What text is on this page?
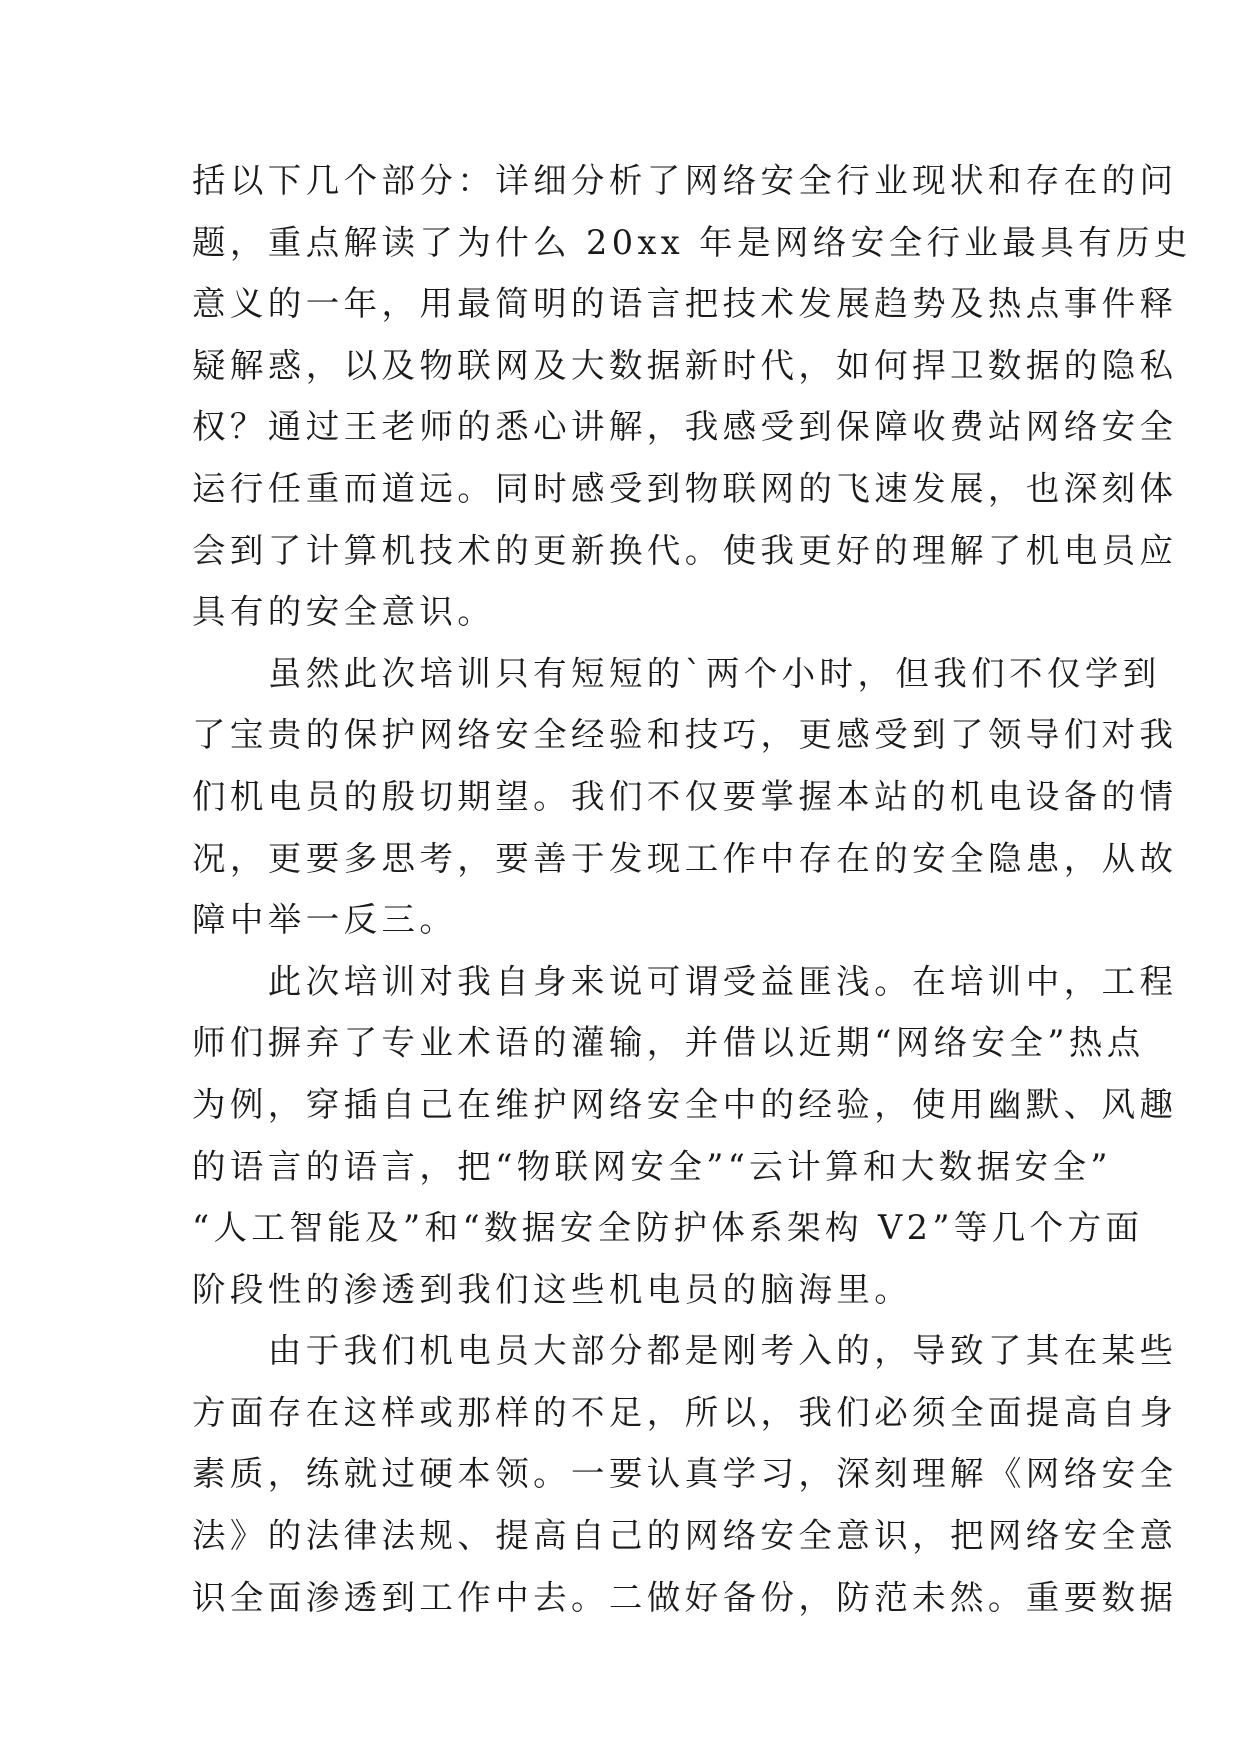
括以下几个部分：详细分析了网络安全行业现状和存在的问
题，重点解读了为什么 20xx 年是网络安全行业最具有历史
意义的一年，用最简明的语言把技术发展趋势及热点事件释
疑解惑，以及物联网及大数据新时代，如何捍卫数据的隐私
权？通过王老师的悉心讲解，我感受到保障收费站网络安全
运行任重而道远。同时感受到物联网的飞速发展，也深刻体
会到了计算机技术的更新换代。使我更好的理解了机电员应
具有的安全意识。
　　虽然此次培训只有短短的`两个小时，但我们不仅学到
了宝贵的保护网络安全经验和技巧，更感受到了领导们对我
们机电员的殷切期望。我们不仅要掌握本站的机电设备的情
况，更要多思考，要善于发现工作中存在的安全隐患，从故
障中举一反三。
　　此次培训对我自身来说可谓受益匪浅。在培训中，工程
师们摒弃了专业术语的灌输，并借以近期“网络安全”热点
为例，穿插自己在维护网络安全中的经验，使用幽默、风趣
的语言的语言，把“物联网安全”“云计算和大数据安全”
“人工智能及”和“数据安全防护体系架构 V2”等几个方面
阶段性的渗透到我们这些机电员的脑海里。
　　由于我们机电员大部分都是刚考入的，导致了其在某些
方面存在这样或那样的不足，所以，我们必须全面提高自身
素质，练就过硬本领。一要认真学习，深刻理解《网络安全
法》的法律法规、提高自己的网络安全意识，把网络安全意
识全面渗透到工作中去。二做好备份，防范未然。重要数据
